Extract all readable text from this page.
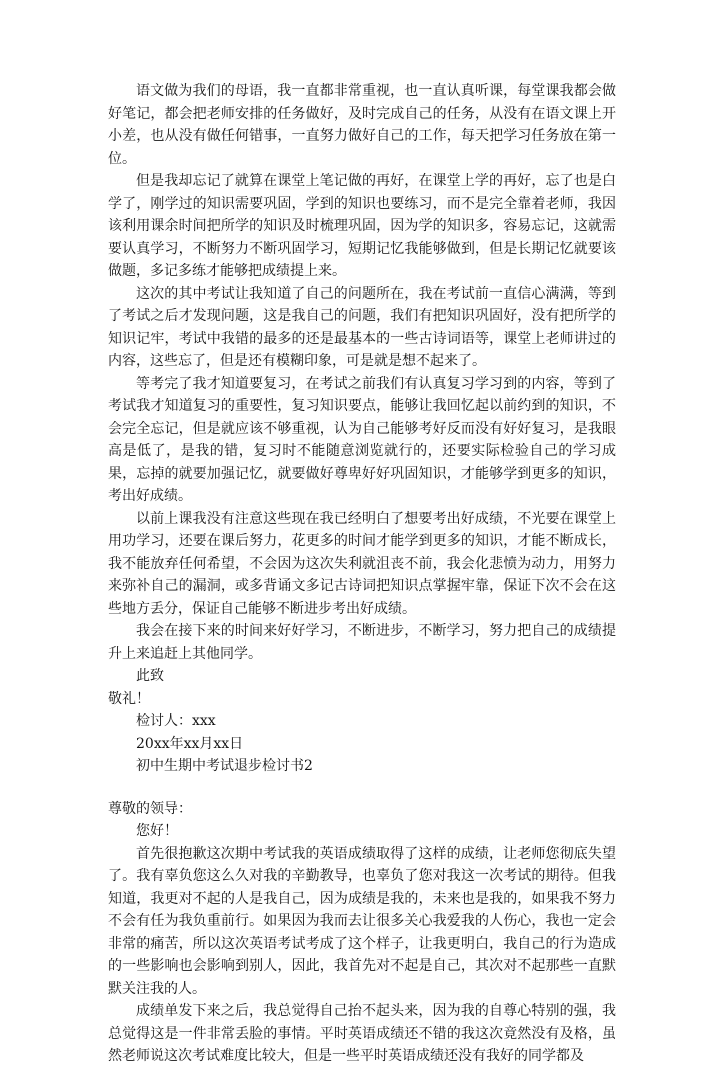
语文做为我们的母语，我一直都非常重视，也一直认真听课，每堂课我都会做好笔记，都会把老师安排的任务做好，及时完成自己的任务，从没有在语文课上开小差，也从没有做任何错事，一直努力做好自己的工作，每天把学习任务放在第一位。

但是我却忘记了就算在课堂上笔记做的再好，在课堂上学的再好，忘了也是白学了，刚学过的知识需要巩固，学到的知识也要练习，而不是完全靠着老师，我因该利用课余时间把所学的知识及时梳理巩固，因为学的知识多，容易忘记，这就需要认真学习，不断努力不断巩固学习，短期记忆我能够做到，但是长期记忆就要该做题，多记多练才能够把成绩提上来。

这次的其中考试让我知道了自己的问题所在，我在考试前一直信心满满，等到了考试之后才发现问题，这是我自己的问题，我们有把知识巩固好，没有把所学的知识记牢，考试中我错的最多的还是最基本的一些古诗词语等，课堂上老师讲过的内容，这些忘了，但是还有模糊印象，可是就是想不起来了。

等考完了我才知道要复习，在考试之前我们有认真复习学习到的内容，等到了考试我才知道复习的重要性，复习知识要点，能够让我回忆起以前约到的知识，不会完全忘记，但是就应该不够重视，认为自己能够考好反而没有好好复习，是我眼高是低了，是我的错，复习时不能随意浏览就行的，还要实际检验自己的学习成果，忘掉的就要加强记忆，就要做好尊卑好好巩固知识，才能够学到更多的知识，考出好成绩。

以前上课我没有注意这些现在我已经明白了想要考出好成绩，不光要在课堂上用功学习，还要在课后努力，花更多的时间才能学到更多的知识，才能不断成长，我不能放弃任何希望，不会因为这次失利就沮丧不前，我会化悲愤为动力，用努力来弥补自己的漏洞，或多背诵文多记古诗词把知识点掌握牢靠，保证下次不会在这些地方丢分，保证自己能够不断进步考出好成绩。

我会在接下来的时间来好好学习，不断进步，不断学习，努力把自己的成绩提升上来追赶上其他同学。

此致

敬礼！

检讨人：xxx

20xx年xx月xx日

初中生期中考试退步检讨书2

尊敬的领导：

您好！

首先很抱歉这次期中考试我的英语成绩取得了这样的成绩，让老师您彻底失望了。我有辜负您这么久对我的辛勤教导，也辜负了您对我这一次考试的期待。但我知道，我更对不起的人是我自己，因为成绩是我的，未来也是我的，如果我不努力不会有任为我负重前行。如果因为我而去让很多关心我爱我的人伤心，我也一定会非常的痛苦，所以这次英语考试考成了这个样子，让我更明白，我自己的行为造成的一些影响也会影响到别人，因此，我首先对不起是自己，其次对不起那些一直默默关注我的人。

成绩单发下来之后，我总觉得自己抬不起头来，因为我的自尊心特别的强，我总觉得这是一件非常丢脸的事情。平时英语成绩还不错的我这次竟然没有及格，虽然老师说这次考试难度比较大，但是一些平时英语成绩还没有我好的同学都及
